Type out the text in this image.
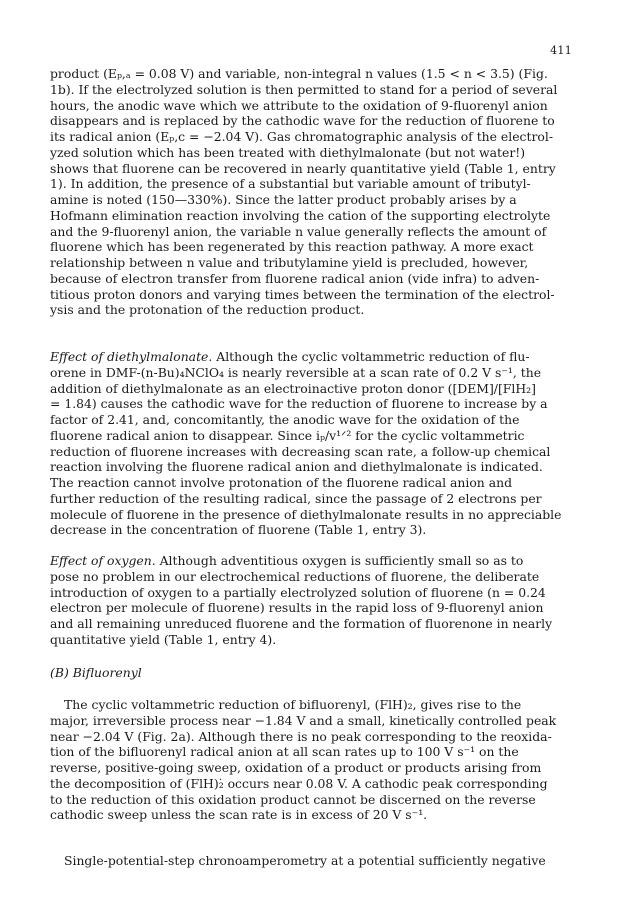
411
product (Eₚ,ₐ = 0.08 V) and variable, non-integral n values (1.5 < n < 3.5) (Fig.
1b). If the electrolyzed solution is then permitted to stand for a period of several
hours, the anodic wave which we attribute to the oxidation of 9-fluorenyl anion
disappears and is replaced by the cathodic wave for the reduction of fluorene to
its radical anion (Eₚ,c = −2.04 V). Gas chromatographic analysis of the electrol-
yzed solution which has been treated with diethylmalonate (but not water!)
shows that fluorene can be recovered in nearly quantitative yield (Table 1, entry
1). In addition, the presence of a substantial but variable amount of tributyl-
amine is noted (150—330%). Since the latter product probably arises by a
Hofmann elimination reaction involving the cation of the supporting electrolyte
and the 9-fluorenyl anion, the variable n value generally reflects the amount of
fluorene which has been regenerated by this reaction pathway. A more exact
relationship between n value and tributylamine yield is precluded, however,
because of electron transfer from fluorene radical anion (vide infra) to adven-
titious proton donors and varying times between the termination of the electrol-
ysis and the protonation of the reduction product.
Effect of diethylmalonate. Although the cyclic voltammetric reduction of flu-
orene in DMF-(n-Bu)₄NClO₄ is nearly reversible at a scan rate of 0.2 V s⁻¹, the
addition of diethylmalonate as an electroinactive proton donor ([DEM]/[FlH₂]
= 1.84) causes the cathodic wave for the reduction of fluorene to increase by a
factor of 2.41, and, concomitantly, the anodic wave for the oxidation of the
fluorene radical anion to disappear. Since iₚ/v¹ᐟ² for the cyclic voltammetric
reduction of fluorene increases with decreasing scan rate, a follow-up chemical
reaction involving the fluorene radical anion and diethylmalonate is indicated.
The reaction cannot involve protonation of the fluorene radical anion and
further reduction of the resulting radical, since the passage of 2 electrons per
molecule of fluorene in the presence of diethylmalonate results in no appreciable
decrease in the concentration of fluorene (Table 1, entry 3).
Effect of oxygen. Although adventitious oxygen is sufficiently small so as to
pose no problem in our electrochemical reductions of fluorene, the deliberate
introduction of oxygen to a partially electrolyzed solution of fluorene (n = 0.24
electron per molecule of fluorene) results in the rapid loss of 9-fluorenyl anion
and all remaining unreduced fluorene and the formation of fluorenone in nearly
quantitative yield (Table 1, entry 4).
(B) Bifluorenyl
The cyclic voltammetric reduction of bifluorenyl, (FlH)₂, gives rise to the
major, irreversible process near −1.84 V and a small, kinetically controlled peak
near −2.04 V (Fig. 2a). Although there is no peak corresponding to the reoxida-
tion of the bifluorenyl radical anion at all scan rates up to 100 V s⁻¹ on the
reverse, positive-going sweep, oxidation of a product or products arising from
the decomposition of (FlH)₂̇ occurs near 0.08 V. A cathodic peak corresponding
to the reduction of this oxidation product cannot be discerned on the reverse
cathodic sweep unless the scan rate is in excess of 20 V s⁻¹.
Single-potential-step chronoamperometry at a potential sufficiently negative
